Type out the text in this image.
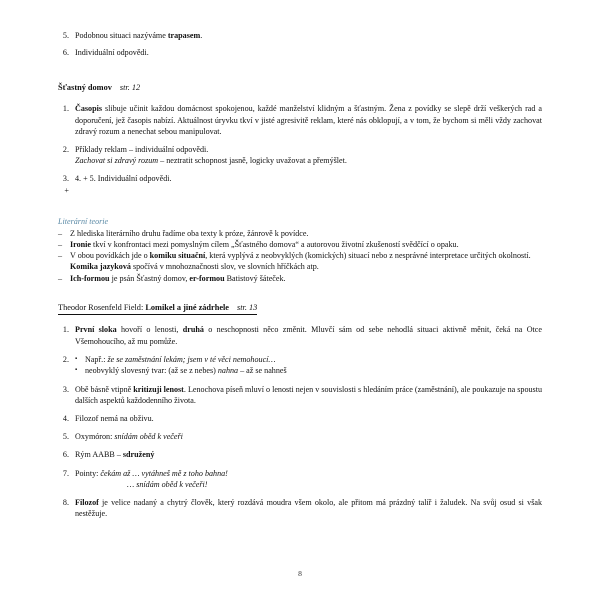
5. Podobnou situaci nazýváme trapasem.

6. Individuální odpovědi.

Šťastný domov str. 12
1. Časopis slibuje učinit každou domácnost spokojenou, každé manželství klidným a šťastným. Žena z povídky se slepě drží veškerých rad a doporučení, jež časopis nabízí. Aktuálnost úryvku tkví v jisté agresivitě reklam, které nás obklopují, a v tom, že bychom si měli vždy zachovat zdravý rozum a nenechat sebou manipulovat.

2. Příklady reklam – individuální odpovědi.

Zachovat si zdravý rozum – neztratit schopnost jasně, logicky uvažovat a přemýšlet.

3. +

4. + 5. Individuální odpovědi.

Literární teorie
– Z hlediska literárního druhu řadíme oba texty k próze, žánrově k povídce.

– Ironie tkví v konfrontaci mezi pomyslným cílem „Šťastného domova“ a autorovou životní zkušeností svědčící o opaku.

– V obou povídkách jde o komiku situační, která vyplývá z neobvyklých (komických) situací nebo z nesprávné interpretace určitých okolností.

Komika jazyková spočívá v mnohoznačnosti slov, ve slovních hříčkách atp.

– Ich-formou je psán Šťastný domov, er-formou Batistový šáteček.

Theodor Rosenfeld Field: Lomikel a jiné zádrhele str. 13
1. První sloka hovoří o lenosti, druhá o neschopnosti něco změnit. Mluvčí sám od sebe nehodlá situaci aktivně měnit, čeká na Otce Všemohoucího, až mu pomůže.

2.	▪ Např.: že se zaměstnání lekám; jsem v té věci nemohoucí…
▪ neobvyklý slovesný tvar: (až se z nebes) nahna – až se nahneš
3. Obě básně vtipně kritizuji lenost. Lenochova píseň mluví o lenosti nejen v souvislosti s hledáním práce (zaměstnání), ale poukazuje na spoustu dalších aspektů každodenního života.

4. Filozof nemá na obživu.

5. Oxymóron: snídám oběd k večeři

6. Rým AABB – sdružený

7. Pointy: čekám až … vytáhneš mě z toho bahna!

… snídám oběd k večeři!

8. Filozof je velice nadaný a chytrý člověk, který rozdává moudra všem okolo, ale přitom má prázdný talíř i žaludek. Na svůj osud si však nestěžuje.

8
